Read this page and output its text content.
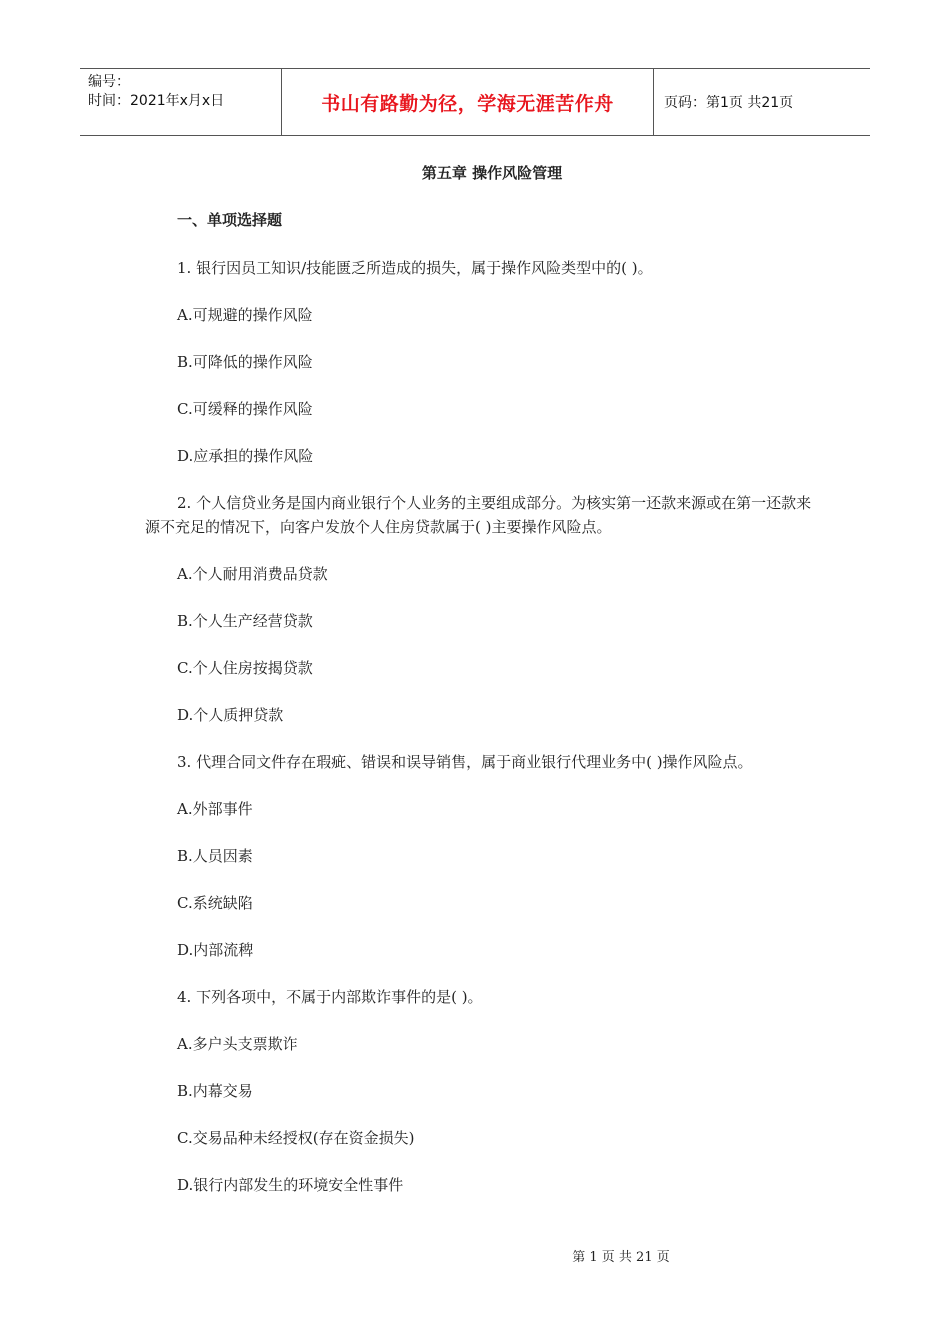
编号：
时间：2021年x月x日	书山有路勤为径，学海无涯苦作舟	页码：第1页 共21页
第五章 操作风险管理
一、单项选择题

1. 银行因员工知识/技能匮乏所造成的损失，属于操作风险类型中的( )。

A.可规避的操作风险

B.可降低的操作风险

C.可缓释的操作风险

D.应承担的操作风险

2. 个人信贷业务是国内商业银行个人业务的主要组成部分。为核实第一还款来源或在第一还款来源不充足的情况下，向客户发放个人住房贷款属于( )主要操作风险点。

A.个人耐用消费品贷款

B.个人生产经营贷款

C.个人住房按揭贷款

D.个人质押贷款

3. 代理合同文件存在瑕疵、错误和误导销售，属于商业银行代理业务中( )操作风险点。

A.外部事件

B.人员因素

C.系统缺陷

D.内部流稗

4. 下列各项中，不属于内部欺诈事件的是( )。

A.多户头支票欺诈

B.内幕交易

C.交易品种未经授权(存在资金损失)

D.银行内部发生的环境安全性事件

第 1 页 共 21 页
